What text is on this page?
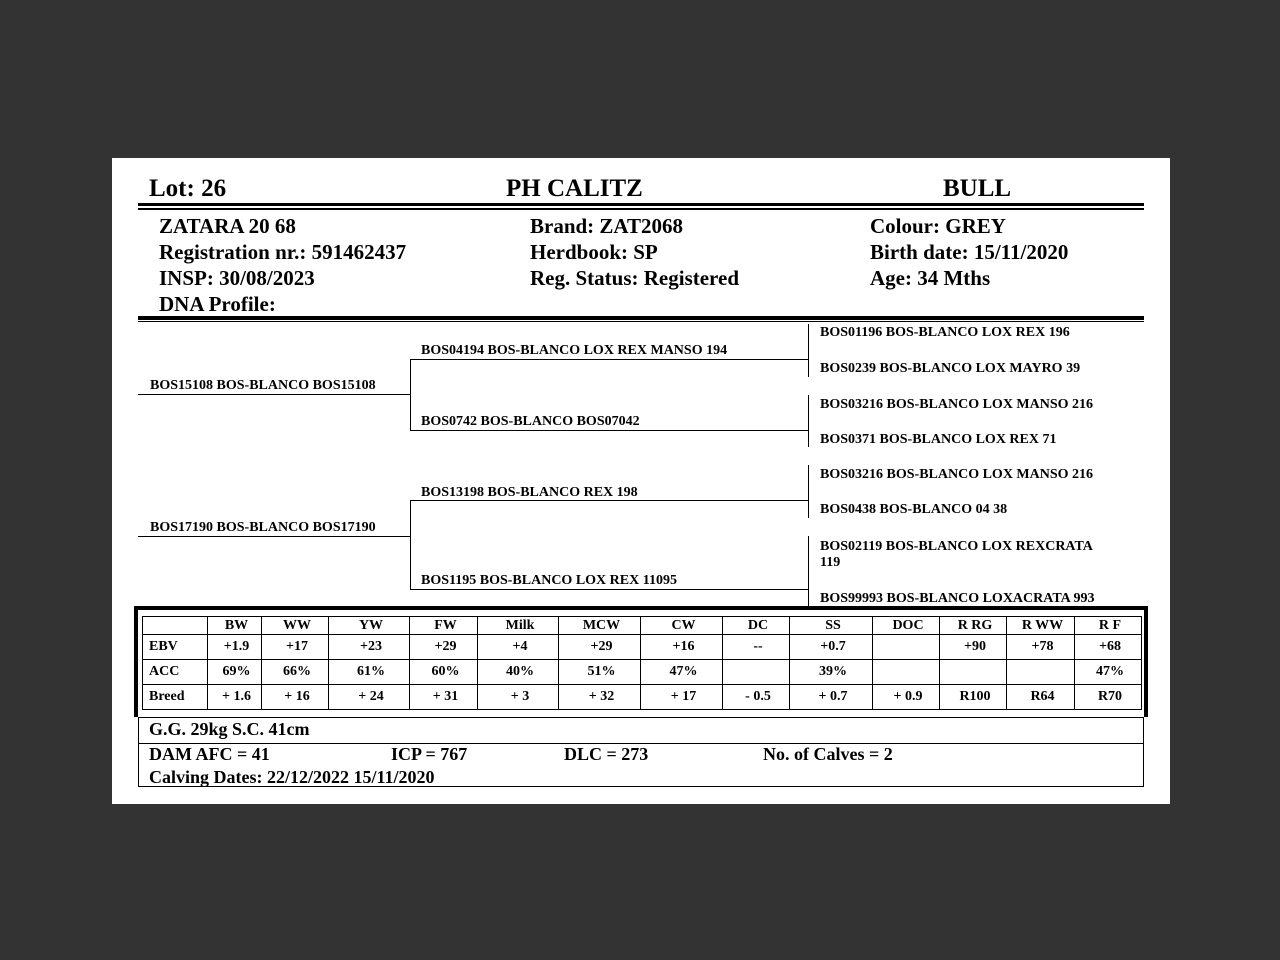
Lot: 26	PH CALITZ	BULL
ZATARA 20 68
Registration nr.: 591462437
INSP: 30/08/2023
DNA Profile:
Brand: ZAT2068
Herdbook: SP
Reg. Status: Registered
Colour: GREY
Birth date: 15/11/2020
Age: 34 Mths
BOS15108 BOS-BLANCO BOS15108
BOS17190 BOS-BLANCO BOS17190
BOS04194 BOS-BLANCO LOX REX MANSO 194
BOS0742 BOS-BLANCO BOS07042
BOS13198 BOS-BLANCO REX 198
BOS1195 BOS-BLANCO LOX REX 11095
BOS01196 BOS-BLANCO LOX REX 196
BOS0239 BOS-BLANCO LOX MAYRO 39
BOS03216 BOS-BLANCO LOX MANSO 216
BOS0371 BOS-BLANCO LOX REX 71
BOS03216 BOS-BLANCO LOX MANSO 216
BOS0438 BOS-BLANCO 04 38
BOS02119 BOS-BLANCO LOX REXCRATA
119
BOS99993 BOS-BLANCO LOXACRATA 993
	BW	WW	YW	FW	Milk	MCW	CW	DC	SS	DOC	R RG	R WW	R F
EBV	+1.9	+17	+23	+29	+4	+29	+16	--	+0.7		+90	+78	+68
ACC	69%	66%	61%	60%	40%	51%	47%		39%				47%
Breed	+ 1.6	+ 16	+ 24	+ 31	+ 3	+ 32	+ 17	- 0.5	+ 0.7	+ 0.9	R100	R64	R70
G.G. 29kg S.C. 41cm
DAM AFC = 41	ICP = 767	DLC = 273	No. of Calves = 2
Calving Dates: 22/12/2022 15/11/2020
